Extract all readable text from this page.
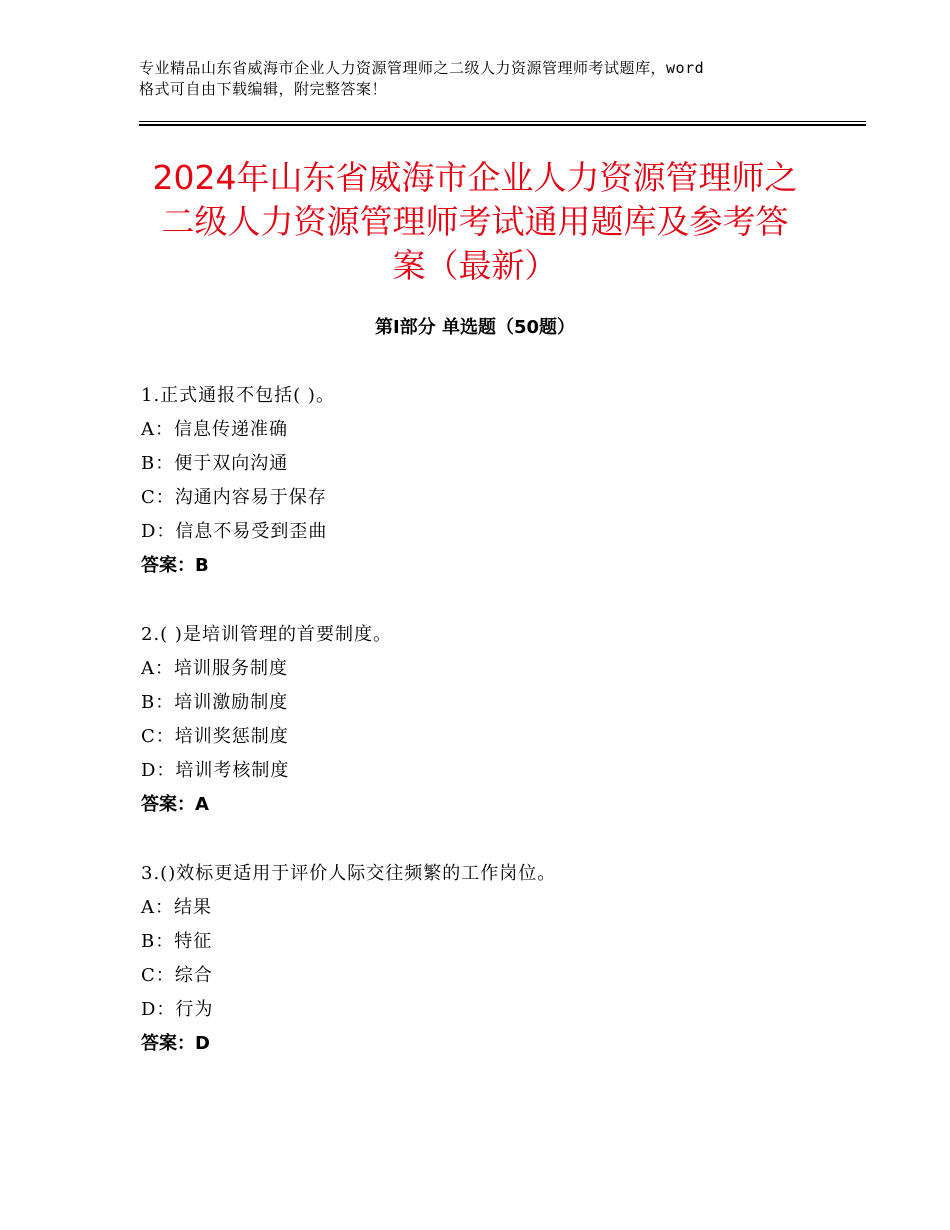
专业精品山东省威海市企业人力资源管理师之二级人力资源管理师考试题库，word
格式可自由下载编辑，附完整答案！
2024年山东省威海市企业人力资源管理师之
二级人力资源管理师考试通用题库及参考答
案（最新）
第Ⅰ部分 单选题（50题）
1.正式通报不包括( )。
A：信息传递准确
B：便于双向沟通
C：沟通内容易于保存
D：信息不易受到歪曲
答案：B
2.( )是培训管理的首要制度。
A：培训服务制度
B：培训激励制度
C：培训奖惩制度
D：培训考核制度
答案：A
3.()效标更适用于评价人际交往频繁的工作岗位。
A：结果
B：特征
C：综合
D：行为
答案：D
